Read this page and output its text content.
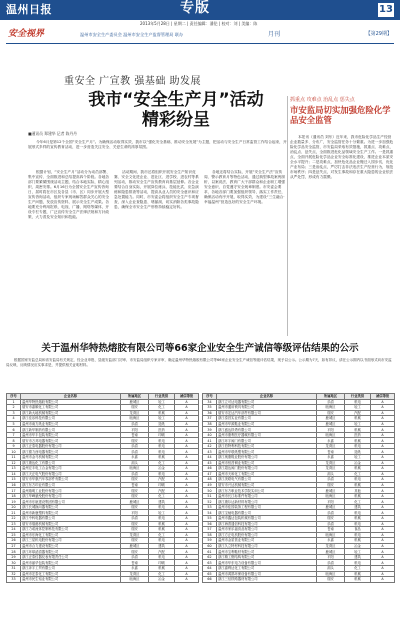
温州日报	专版	13
2013年5月28日 | 星期二 | 责任编辑：潘伦 | 校对：刘 | 美编：陈
安全视界	温州市安全生产委员会 温州市安全生产监督管理局 联办	月刊	【第29期】
重安全 广宣教 强基础 助发展
我市“安全生产月”活动
精彩纷呈
■通讯员 郑建华 记者 陈丹丹
今年6月是第12个全国“安全生产月”。为确保活动取得实效，我市以“强化安全基础、推动安全发展”为主题，把活动与安全生产日常监管工作结合起来，开展形式多样的宣传教育活动，进一步营造关注安全、关爱生命的浓厚氛围。
根据计划，“安全生产月”活动分为动员部署、集中宣传、全面推进和总结提高四个阶段。各地各部门要紧紧围绕活动主题，结合本地实际，精心组织，周密安排。6月16日为全国安全生产宣传咨询日，届时将在市区及各县（市、区）同步开展大型宣传咨询活动，组织专家现场解答群众关心的安全生产问题，发放宣传资料，展示安全生产成果。各地要充分利用报纸、电视、广播、网络等媒体，开设专栏专题，广泛宣传安全生产法律法规和方针政策，大力普及安全知识和技能。
活动期间，我市还将组织开展安全生产知识竞赛、安全文化进企业、进社区、进学校、进农村等系列活动，推动安全生产宣传教育向基层延伸。各企业要结合自身实际，开展岗位练兵、技能比武、应急演练和隐患排查等活动，提高从业人员的安全意识和应急处置能力。同时，市安委会将组织安全生产专项督查，深入企业查隐患、堵漏洞，切实消除各类事故隐患，确保全市安全生产形势持续稳定好转。
各地还将结合实际，开展“安全生产法”宣传周、警示教育月等特色活动，通过典型事故案例剖析，以案说法，教育广大干部群众和企业职工增强安全意识，自觉遵守安全规章制度。市安委会要求，各地各部门要加强组织领导，落实工作责任，确保活动有序开展，取得实效，为建设“三生融合·幸福温州”营造良好的安全生产环境。
抓重点 攻难点 治乱点 惩失点
市安监局切实加强危险化学品安全监管
本报讯（通讯员 刘东）近年来，我市危险化学品生产经营企业数量多、分布广，安全监管任务十分繁重。为进一步加强危险化学品安全监管，市安监局采取有效措施，抓重点、攻难点、治乱点、惩失点，全面推进危化品领域安全生产工作。一是抓重点，全面开展危险化学品企业安全标准化建设，推进企业本质安全水平提升；二是攻难点，加快危化品企业搬迁入园步伐，优化产业布局；三是治乱点，严厉打击非法违法生产经营行为，规范市场秩序；四是惩失点，对发生事故和存在重大隐患的企业依法从严处罚，形成有力震慑。
关于温州华特热熔胶有限公司等66家企业安全生产诚信等级评估结果的公示
根据国家安监总局和省安监局有关规定，经企业申报、县级安监部门初审、市安监局组织专家评审，确定温州华特热熔胶有限公司等66家企业安全生产诚信等级评估结果，现予以公示。公示期为7天，如有异议，请在公示期内以书面形式向市安监局反映，反映情况应实事求是，并提供相关证明材料。
序号	企业名称	所属地区	行业类别	诚信等级
1	温州华特热熔胶有限公司	鹿城区	轻工	A
2	瑞安市嘉顺化工有限公司	瑞安	化工	A
3	浙江新大地机械有限公司	龙湾区	机械	A
4	浙江佳乐科技有限公司	瓯海区	轻工	A
5	温州市南方纸业有限公司	乐清	造纸	A
6	浙江新华制药有限公司	平阳	医药	A
7	温州市华丰包装有限公司	苍南	印刷	A
8	瑞安市万邦电器有限公司	瑞安	机电	A
9	浙江正泰电器股份有限公司	乐清	机电	A
10	浙江德力西电器有限公司	乐清	机电	A
11	温州市金马机械有限公司	永嘉	机械	A
12	浙江康达化工有限公司	洞头	化工	A
13	温州宏丰电工合金有限公司	瓯海区	冶金	A
14	浙江天正电气股份有限公司	乐清	机电	A
15	瑞安市华康汽车零部件有限公司	瑞安	汽配	A
16	浙江东方印业有限公司	苍南	印刷	A
17	温州瑞明工业股份有限公司	瑞安	汽配	A
18	浙江华峰氨纶股份有限公司	瑞安	化工	A
19	温州市东瓯建设集团有限公司	鹿城区	建筑	A
20	浙江长城换向器有限公司	瑞安	机电	A
21	温州市新鹿塑料有限公司	平阳	轻工	A
22	浙江中科电器有限公司	乐清	机电	A
23	瑞安市瑞港机械有限公司	瑞安	机械	A
24	浙江力诺流体控制科技有限公司	瑞安	机械	A
25	温州市东海化工有限公司	龙湾区	化工	A
26	浙江三星机电股份有限公司	瑞安	机电	A
27	温州市合力建设有限公司	鹿城区	建筑	A
28	浙江环球滤清器有限公司	瑞安	汽配	A
29	浙江正泰仪器仪表有限责任公司	乐清	机电	A
30	温州市丽华包装有限公司	苍南	印刷	A
31	浙江奔宇工贸有限公司	永嘉	机械	A
32	温州市宏泰化工有限公司	龙湾区	化工	A
33	温州市民生铝业有限公司	瓯海区	冶金	A
序号	企业名称	所属地区	行业类别	诚信等级
34	浙江立可达电器有限公司	乐清	机电	A
35	温州市通用锁具有限公司	瓯海区	轻工	A
36	瑞安市宏达汽车部件有限公司	瑞安	汽配	A
37	浙江泰昌实业有限公司	鹿城区	机械	A
38	温州市华源鞋业有限公司	鹿城区	轻工	A
39	浙江盛达铁塔有限公司	平阳	机械	A
40	温州市康利医疗器械有限公司	瓯海区	医药	A
41	浙江环宇阀门有限公司	永嘉	机械	A
42	浙江伯特利科技有限公司	龙湾区	机电	A
43	温州市华联纸塑有限公司	苍南	造纸	A
44	浙江奥康鞋业股份有限公司	永嘉	轻工	A
45	温州市恒昌铜业有限公司	龙湾区	冶金	A
46	浙江超达阀门股份有限公司	龙湾区	机械	A
47	温州市天和化工有限公司	洞头	化工	A
48	浙江美联电气有限公司	乐清	机电	A
49	瑞安市兴达机械有限公司	瑞安	机械	A
50	浙江东方职业技术学院实训公司	鹿城区	其他	A
51	温州市长江标准件有限公司	瓯海区	机械	A
52	浙江康尔达新材料有限公司	平阳	化工	A
53	温州市佳园装饰工程有限公司	鹿城区	建筑	A
54	浙江宝驰电器有限公司	乐清	机电	A
55	温州市鑫达包装机械有限公司	瑞安	机械	A
56	浙江海普通信科技有限公司	乐清	机电	A
57	温州市家乐福食品有限公司	苍南	食品	A
58	浙江方正电机股份有限公司	瓯海区	机电	A
59	温州市金星管业有限公司	永嘉	机械	A
60	浙江久立特材科技有限公司	龙湾区	冶金	A
61	温州市宝利鞋材有限公司	鹿城区	轻工	A
62	浙江精工钢结构有限公司	平阳	建筑	A
63	温州市华东电力设备有限公司	乐清	机电	A
64	浙江嘉利达化工有限公司	洞头	化工	A
65	温州市鸿鹄环保设备有限公司	瓯海区	机械	A
66	浙江三信铁路器材有限公司	瑞安	机械	A
